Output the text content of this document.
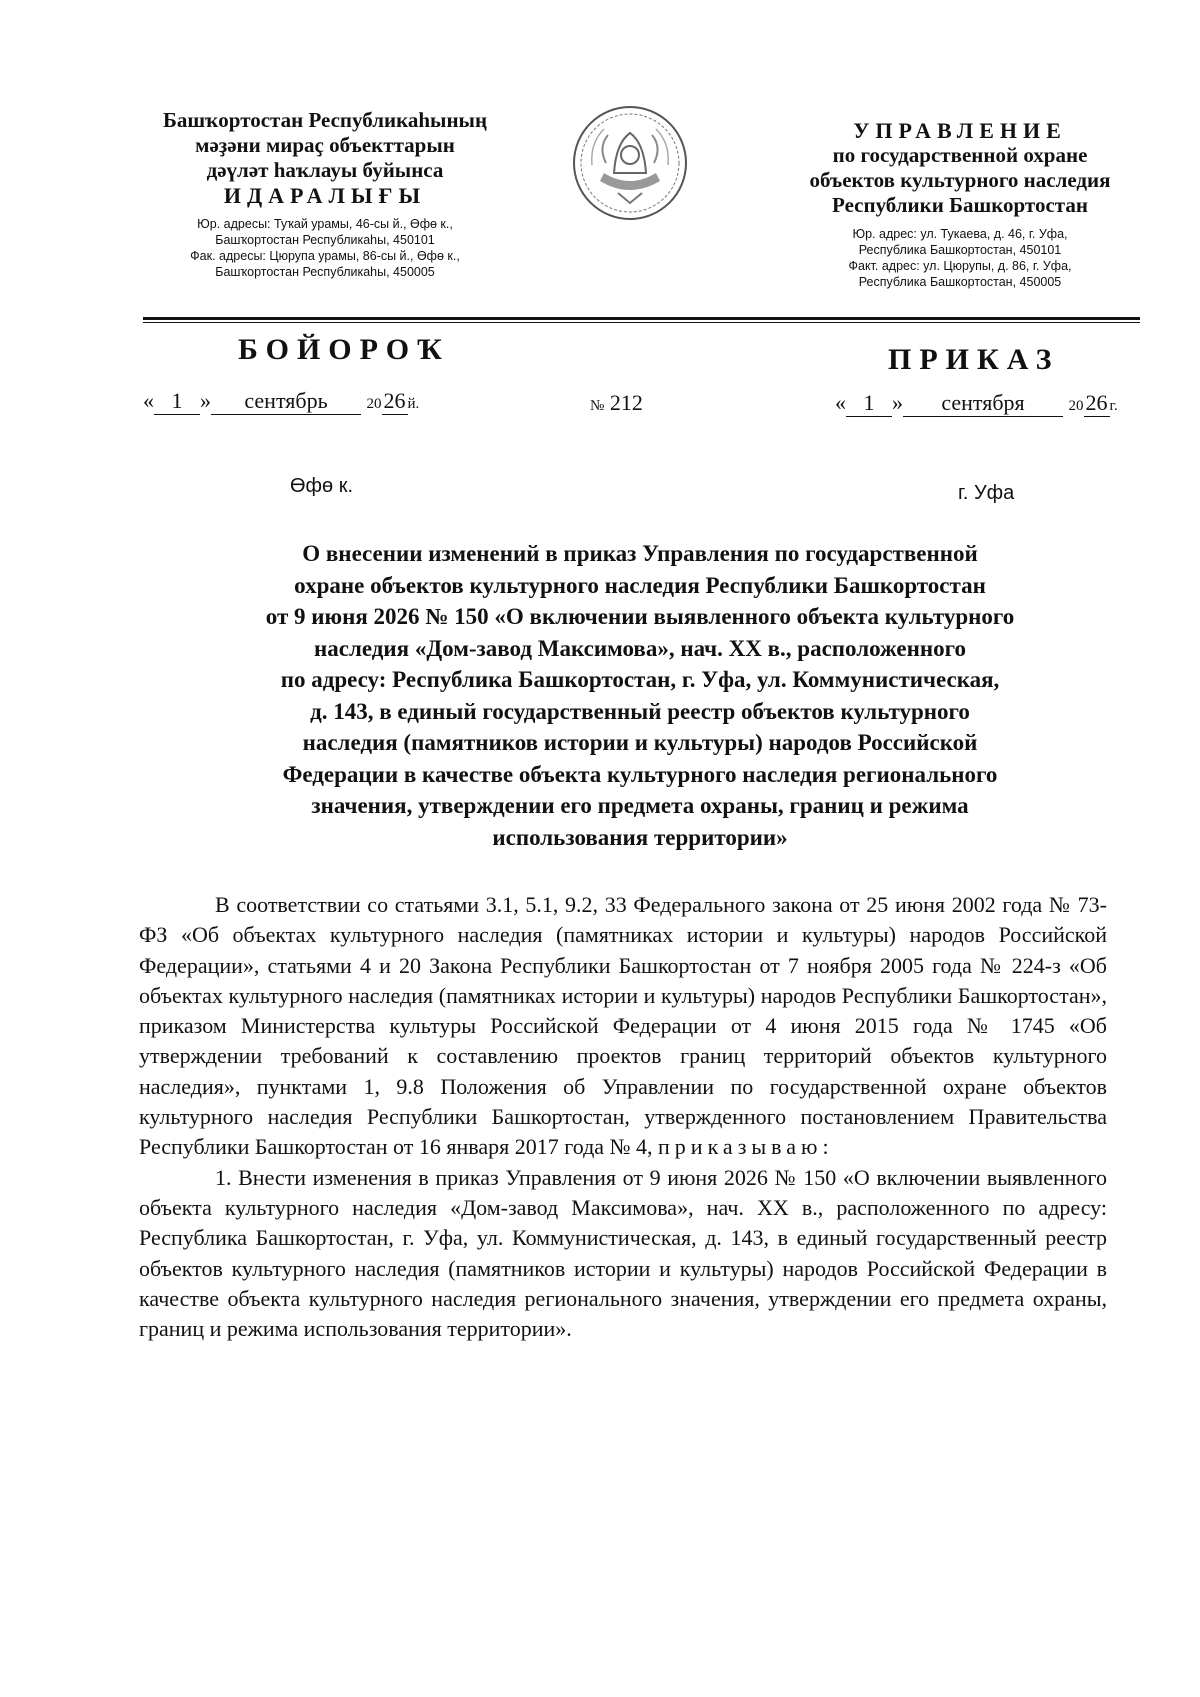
Башҡортостан Республикаһының
мәҙәни мираҫ объекттарын
дәүләт һаҡлауы буйынса
ИДАРАЛЫҒЫ
Юр. адресы: Туҡай урамы, 46-сы й., Өфө к.,
Башҡортостан Республикаһы, 450101
Фак. адресы: Цюрупа урамы, 86-сы й., Өфө к.,
Башҡортостан Республикаһы, 450005
УПРАВЛЕНИЕ
по государственной охране
объектов культурного наследия
Республики Башкортостан
Юр. адрес: ул. Тукаева, д. 46, г. Уфа,
Республика Башкортостан, 450101
Факт. адрес: ул. Цюрупы, д. 86, г. Уфа,
Республика Башкортостан, 450005
БОЙОРОҠ	ПРИКАЗ
« 1 » сентябрь	2026 й.	№ 212	« 1 » сентября	2026 г.
Өфө к.	г. Уфа
О внесении изменений в приказ Управления по государственной
охране объектов культурного наследия Республики Башкортостан
от 9 июня 2026 № 150 «О включении выявленного объекта культурного
наследия «Дом-завод Максимова», нач. XX в., расположенного
по адресу: Республика Башкортостан, г. Уфа, ул. Коммунистическая,
д. 143, в единый государственный реестр объектов культурного
наследия (памятников истории и культуры) народов Российской
Федерации в качестве объекта культурного наследия регионального
значения, утверждении его предмета охраны, границ и режима
использования территории»

В соответствии со статьями 3.1, 5.1, 9.2, 33 Федерального закона от 25 июня 2002 года № 73-ФЗ «Об объектах культурного наследия (памятниках истории и культуры) народов Российской Федерации», статьями 4 и 20 Закона Республики Башкортостан от 7 ноября 2005 года № 224-з «Об объектах культурного наследия (памятниках истории и культуры) народов Республики Башкортостан», приказом Министерства культуры Российской Федерации от 4 июня 2015 года № 1745 «Об утверждении требований к составлению проектов границ территорий объектов культурного наследия», пунктами 1, 9.8 Положения об Управлении по государственной охране объектов культурного наследия Республики Башкортостан, утвержденного постановлением Правительства Республики Башкортостан от 16 января 2017 года № 4, приказываю:

1. Внести изменения в приказ Управления от 9 июня 2026 № 150 «О включении выявленного объекта культурного наследия «Дом-завод Максимова», нач. XX в., расположенного по адресу: Республика Башкортостан, г. Уфа, ул. Коммунистическая, д. 143, в единый государственный реестр объектов культурного наследия (памятников истории и культуры) народов Российской Федерации в качестве объекта культурного наследия регионального значения, утверждении его предмета охраны, границ и режима использования территории».
